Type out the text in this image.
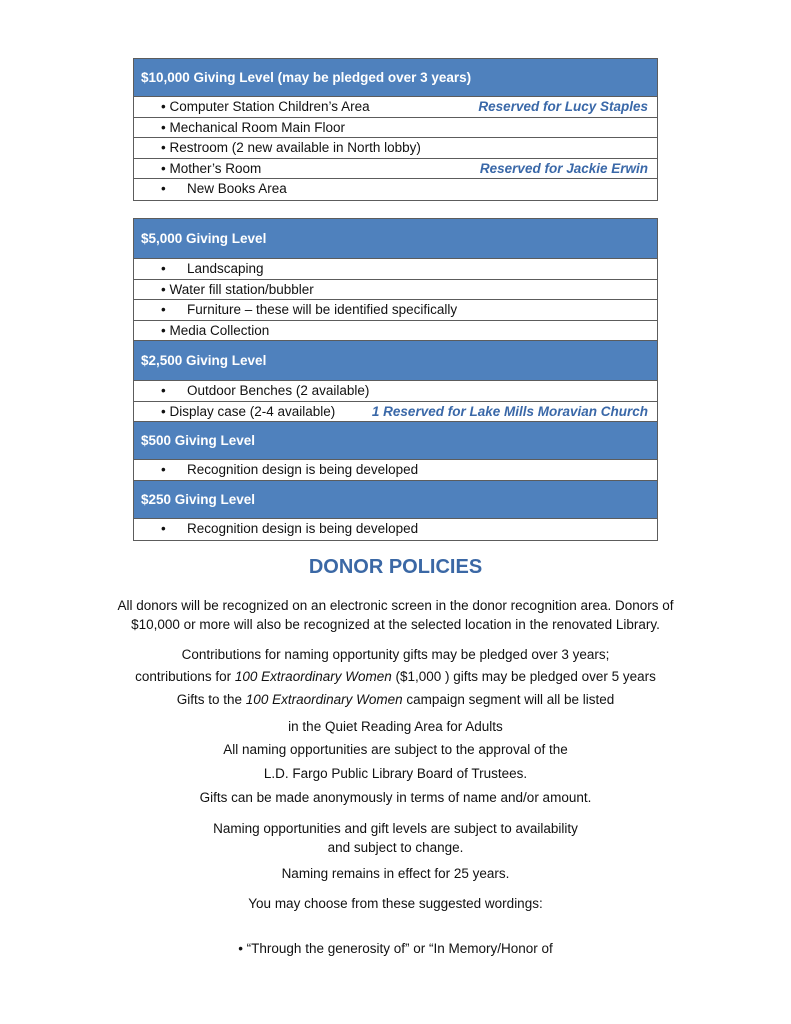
$10,000 Giving Level (may be pledged over 3 years)
• Computer Station Children’s Area	Reserved for Lucy Staples
• Mechanical Room Main Floor
• Restroom (2 new available in North lobby)
• Mother’s Room	Reserved for Jackie Erwin
• New Books Area
$5,000 Giving Level
• Landscaping
• Water fill station/bubbler
• Furniture – these will be identified specifically
• Media Collection
$2,500 Giving Level
• Outdoor Benches (2 available)
• Display case (2-4 available)	1 Reserved for Lake Mills Moravian Church
$500 Giving Level
• Recognition design is being developed
$250 Giving Level
• Recognition design is being developed
DONOR POLICIES
All donors will be recognized on an electronic screen in the donor recognition area. Donors of
$10,000 or more will also be recognized at the selected location in the renovated Library.
Contributions for naming opportunity gifts may be pledged over 3 years;
contributions for 100 Extraordinary Women ($1,000 ) gifts may be pledged over 5 years
Gifts to the 100 Extraordinary Women campaign segment will all be listed
in the Quiet Reading Area for Adults
All naming opportunities are subject to the approval of the
L.D. Fargo Public Library Board of Trustees.
Gifts can be made anonymously in terms of name and/or amount.
Naming opportunities and gift levels are subject to availability
and subject to change.
Naming remains in effect for 25 years.
You may choose from these suggested wordings:
• “Through the generosity of” or “In Memory/Honor of
